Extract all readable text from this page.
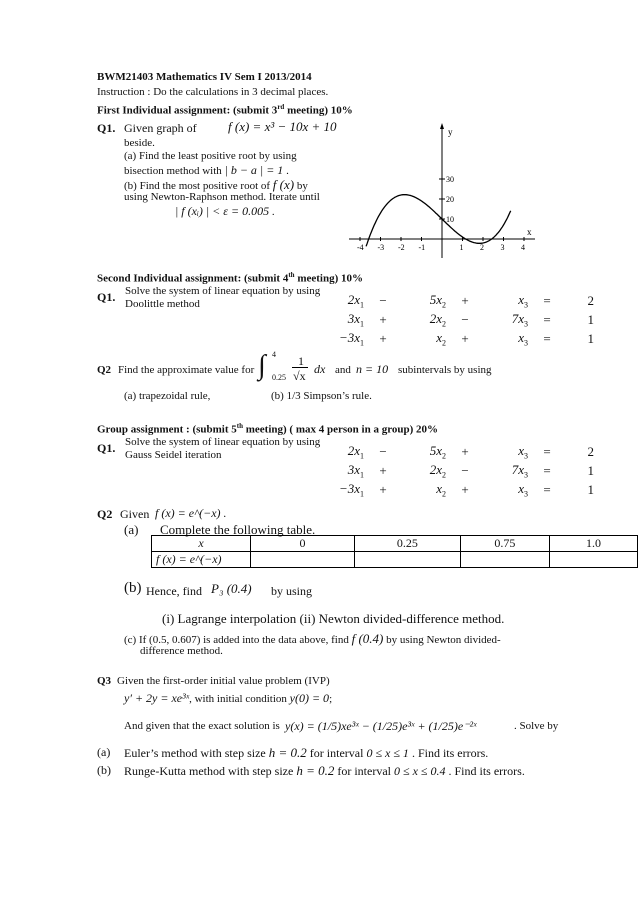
BWM21403 Mathematics IV Sem I 2013/2014
Instruction : Do the calculations in 3 decimal places.
First Individual assignment: (submit 3rd meeting) 10%
Q1. Given graph of f (x) = x³ − 10x + 10
beside.
(a) Find the least positive root by using
bisection method with | b − a | = 1 .
(b) Find the most positive root of f (x) by
using Newton-Raphson method. Iterate until
| f (xᵢ) | < ε = 0.005 .
y
x
30
20
10
-4 -3 -2 -1	1 2 3 4
Second Individual assignment: (submit 4th meeting) 10%
Q1. Solve the system of linear equation by using
Doolittle method	$2x_1$	−	$5x_2$	+	$x_3$	=	2
$3x_1$	+	$2x_2$	−	$7x_3$	=	1
$-3x_1$	+	$x_2$	+	$x_3$	=	1
Q2 Find the approximate value for ∫ 4
0.25
1
√x dx and n = 10 subintervals by using
(a) trapezoidal rule,	(b) 1/3 Simpson’s rule.
Group assignment : (submit 5th meeting) ( max 4 person in a group) 20%
Q1. Solve the system of linear equation by using
Gauss Seidel iteration	$2x_1$	−	$5x_2$	+	$x_3$	=	2
$3x_1$	+	$2x_2$	−	$7x_3$	=	1
$-3x_1$	+	$x_2$	+	$x_3$	=	1
Q2 Given f (x) = e^(−x) .
(a) Complete the following table.
x	0	0.25	0.75	1.0
f (x) = e^(−x)				
(b) Hence, find P₃ (0.4) by using
(i) Lagrange interpolation (ii) Newton divided-difference method.
(c) If (0.5, 0.607) is added into the data above, find f (0.4) by using Newton divided-
difference method.
Q3 Given the first-order initial value problem (IVP)
y′ + 2y = xe³ˣ, with initial condition y(0) = 0;
And given that the exact solution is y(x) = (1/5)xe³ˣ − (1/25)e³ˣ + (1/25)e⁻²ˣ	. Solve by
(a) Euler’s method with step size h = 0.2 for interval 0 ≤ x ≤ 1 . Find its errors.
(b) Runge-Kutta method with step size h = 0.2 for interval 0 ≤ x ≤ 0.4 . Find its errors.
